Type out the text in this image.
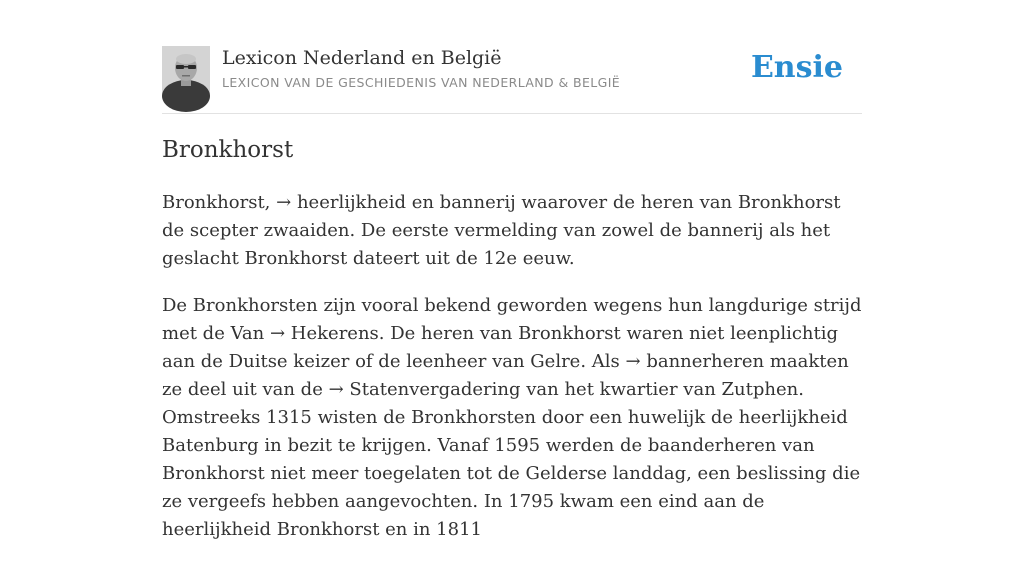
Lexicon Nederland en België
LEXICON VAN DE GESCHIEDENIS VAN NEDERLAND & BELGIË	Ensie
Bronkhorst

Bronkhorst, → heerlijkheid en bannerij waarover de heren van Bronkhorst de scepter zwaaiden. De eerste vermelding van zowel de bannerij als het geslacht Bronkhorst dateert uit de 12e eeuw.

De Bronkhorsten zijn vooral bekend geworden wegens hun langdurige strijd met de Van → Hekerens. De heren van Bronkhorst waren niet leenplichtig aan de Duitse keizer of de leenheer van Gelre. Als → bannerheren maakten ze deel uit van de → Statenvergadering van het kwartier van Zutphen. Omstreeks 1315 wisten de Bronkhorsten door een huwelijk de heerlijkheid Batenburg in bezit te krijgen. Vanaf 1595 werden de baanderheren van Bronkhorst niet meer toegelaten tot de Gelderse landdag, een beslissing die ze vergeefs hebben aangevochten. In 1795 kwam een eind aan de heerlijkheid Bronkhorst en in 1811
